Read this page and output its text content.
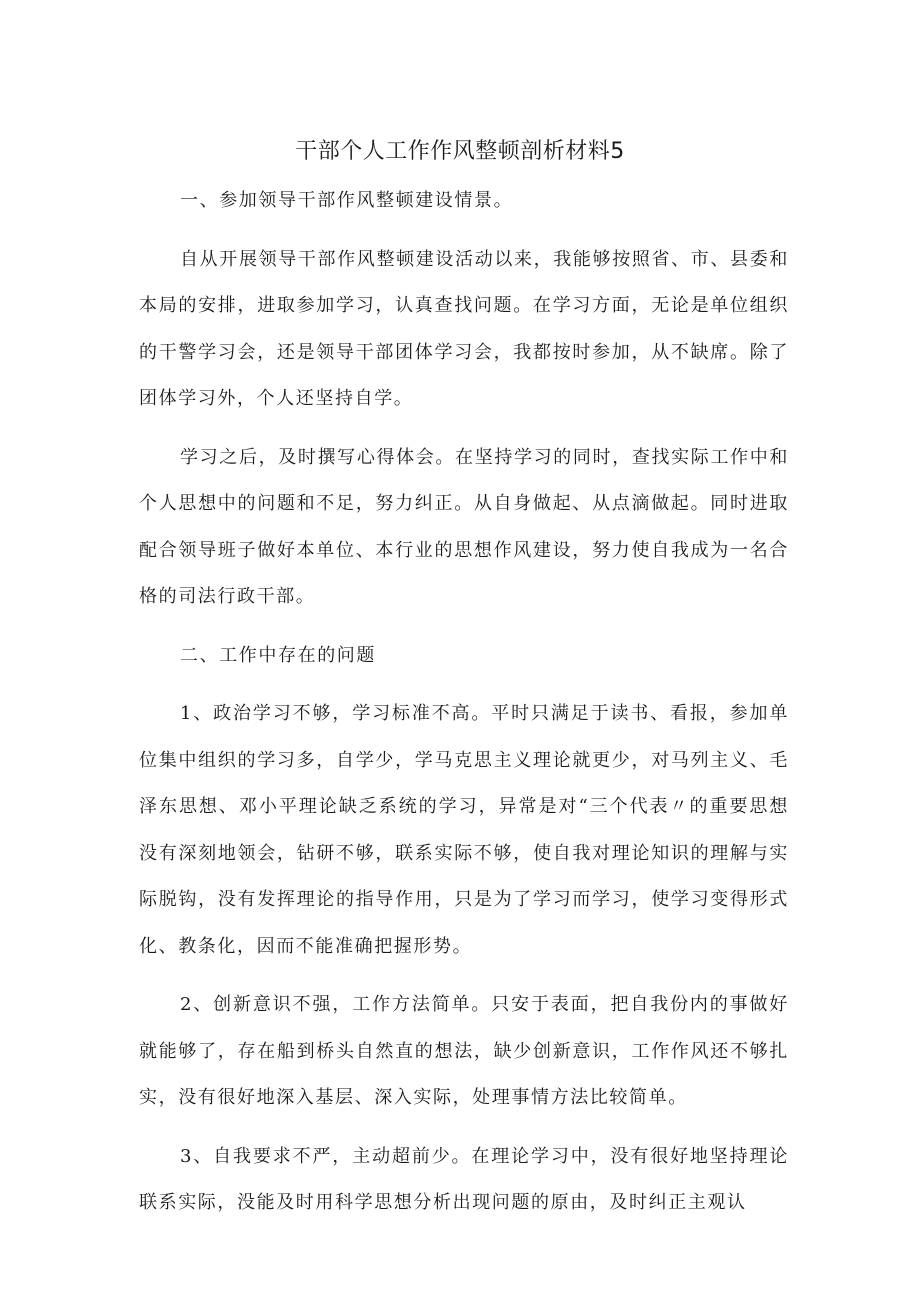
干部个人工作作风整顿剖析材料5

一、参加领导干部作风整顿建设情景。

自从开展领导干部作风整顿建设活动以来，我能够按照省、市、县委和本局的安排，进取参加学习，认真查找问题。在学习方面，无论是单位组织的干警学习会，还是领导干部团体学习会，我都按时参加，从不缺席。除了团体学习外，个人还坚持自学。

学习之后，及时撰写心得体会。在坚持学习的同时，查找实际工作中和个人思想中的问题和不足，努力纠正。从自身做起、从点滴做起。同时进取配合领导班子做好本单位、本行业的思想作风建设，努力使自我成为一名合格的司法行政干部。

二、工作中存在的问题

1、政治学习不够，学习标准不高。平时只满足于读书、看报，参加单位集中组织的学习多，自学少，学马克思主义理论就更少，对马列主义、毛泽东思想、邓小平理论缺乏系统的学习，异常是对“三个代表〃的重要思想没有深刻地领会，钻研不够，联系实际不够，使自我对理论知识的理解与实际脱钩，没有发挥理论的指导作用，只是为了学习而学习，使学习变得形式化、教条化，因而不能准确把握形势。

2、创新意识不强，工作方法简单。只安于表面，把自我份内的事做好就能够了，存在船到桥头自然直的想法，缺少创新意识，工作作风还不够扎实，没有很好地深入基层、深入实际，处理事情方法比较简单。

3、自我要求不严，主动超前少。在理论学习中，没有很好地坚持理论联系实际，没能及时用科学思想分析出现问题的原由，及时纠正主观认
